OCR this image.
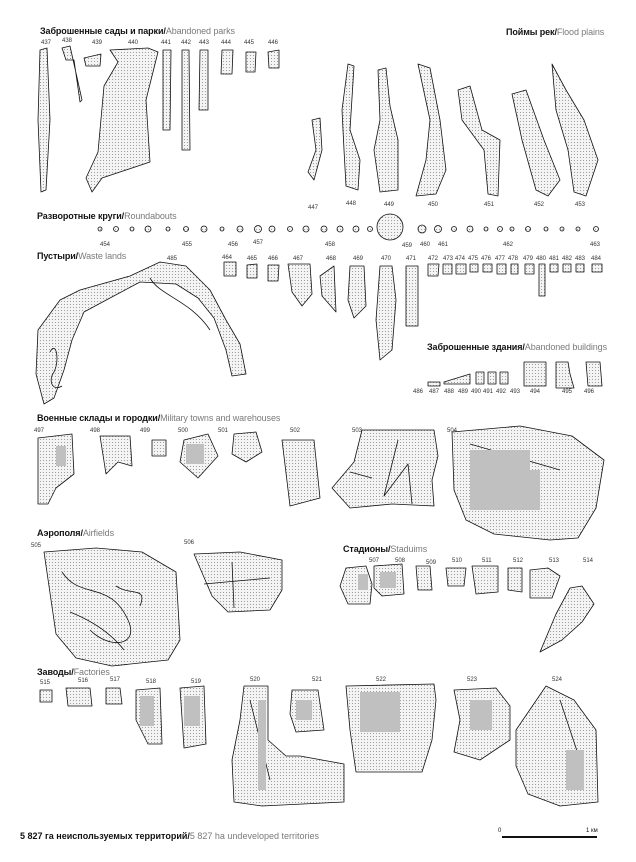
Заброшенные сады и парки/Abandoned parks	Поймы рек/Flood plains
Разворотные круги/Roundabouts
Пустыри/Waste lands
Заброшенные здания/Abandoned buildings
Военные склады и городки/Military towns and warehouses
Аэрополя/Airfields
Стадионы/Staduims
Заводы/Factories
437 438	439	440	441 442 443 444 445 446
447
448	449	450	451	452	453
454	455	456 457	458	459 460 461	462	463
464 465 466 467	468	469	470 471 472 473 474 475 476 477 478 479 480 481 482 483 484
485
486 487 488 489 490 491 492 493 494	495 496
497	498	499	500	501	502	503	504
505	506
507	508	509	510	511	512	513	514
515	516	517	518	519	520	521	522	523	524
5 827 га неиспользуемых территорий/5 827 ha undeveloped territories	0	1 км
